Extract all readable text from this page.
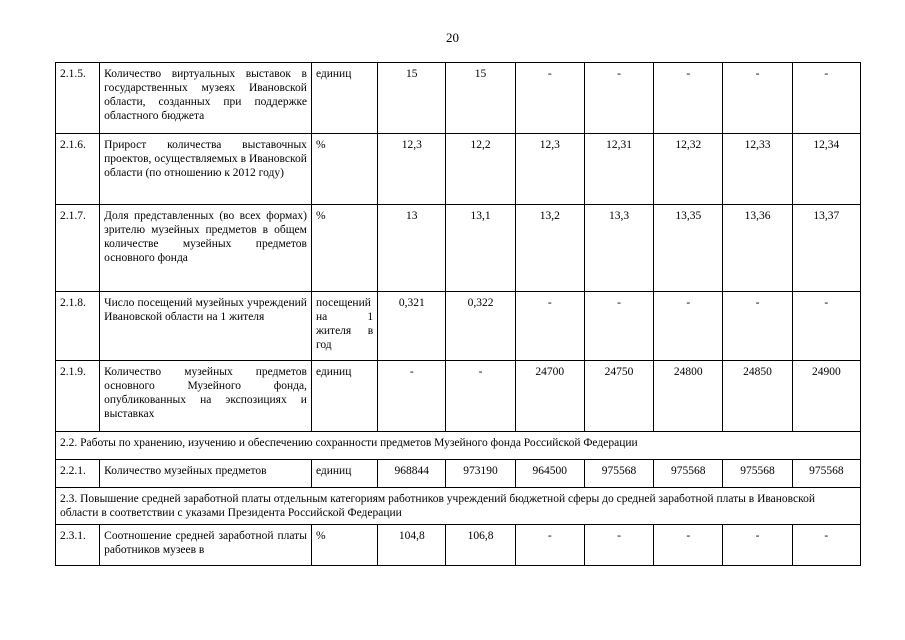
20
2.1.5.	Количество виртуальных выставок в государственных музеях Ивановской области, созданных при поддержке областного бюджета	единиц	15	15	-	-	-	-	-
2.1.6.	Прирост количества выставочных проектов, осуществляемых в Ивановской области (по отношению к 2012 году)	%	12,3	12,2	12,3	12,31	12,32	12,33	12,34
2.1.7.	Доля представленных (во всех формах) зрителю музейных предметов в общем количестве музейных предметов основного фонда	%	13	13,1	13,2	13,3	13,35	13,36	13,37
2.1.8.	Число посещений музейных учреждений Ивановской области на 1 жителя	посещений на 1 жителя в год	0,321	0,322	-	-	-	-	-
2.1.9.	Количество музейных предметов основного Музейного фонда, опубликованных на экспозициях и выставках	единиц	-	-	24700	24750	24800	24850	24900
2.2. Работы по хранению, изучению и обеспечению сохранности предметов Музейного фонда Российской Федерации									
2.2.1.	Количество музейных предметов	единиц	968844	973190	964500	975568	975568	975568	975568
2.3. Повышение средней заработной платы отдельным категориям работников учреждений бюджетной сферы до средней заработной платы в Ивановской области в соответствии с указами Президента Российской Федерации									
2.3.1.	Соотношение средней заработной платы работников музеев в	%	104,8	106,8	-	-	-	-	-
